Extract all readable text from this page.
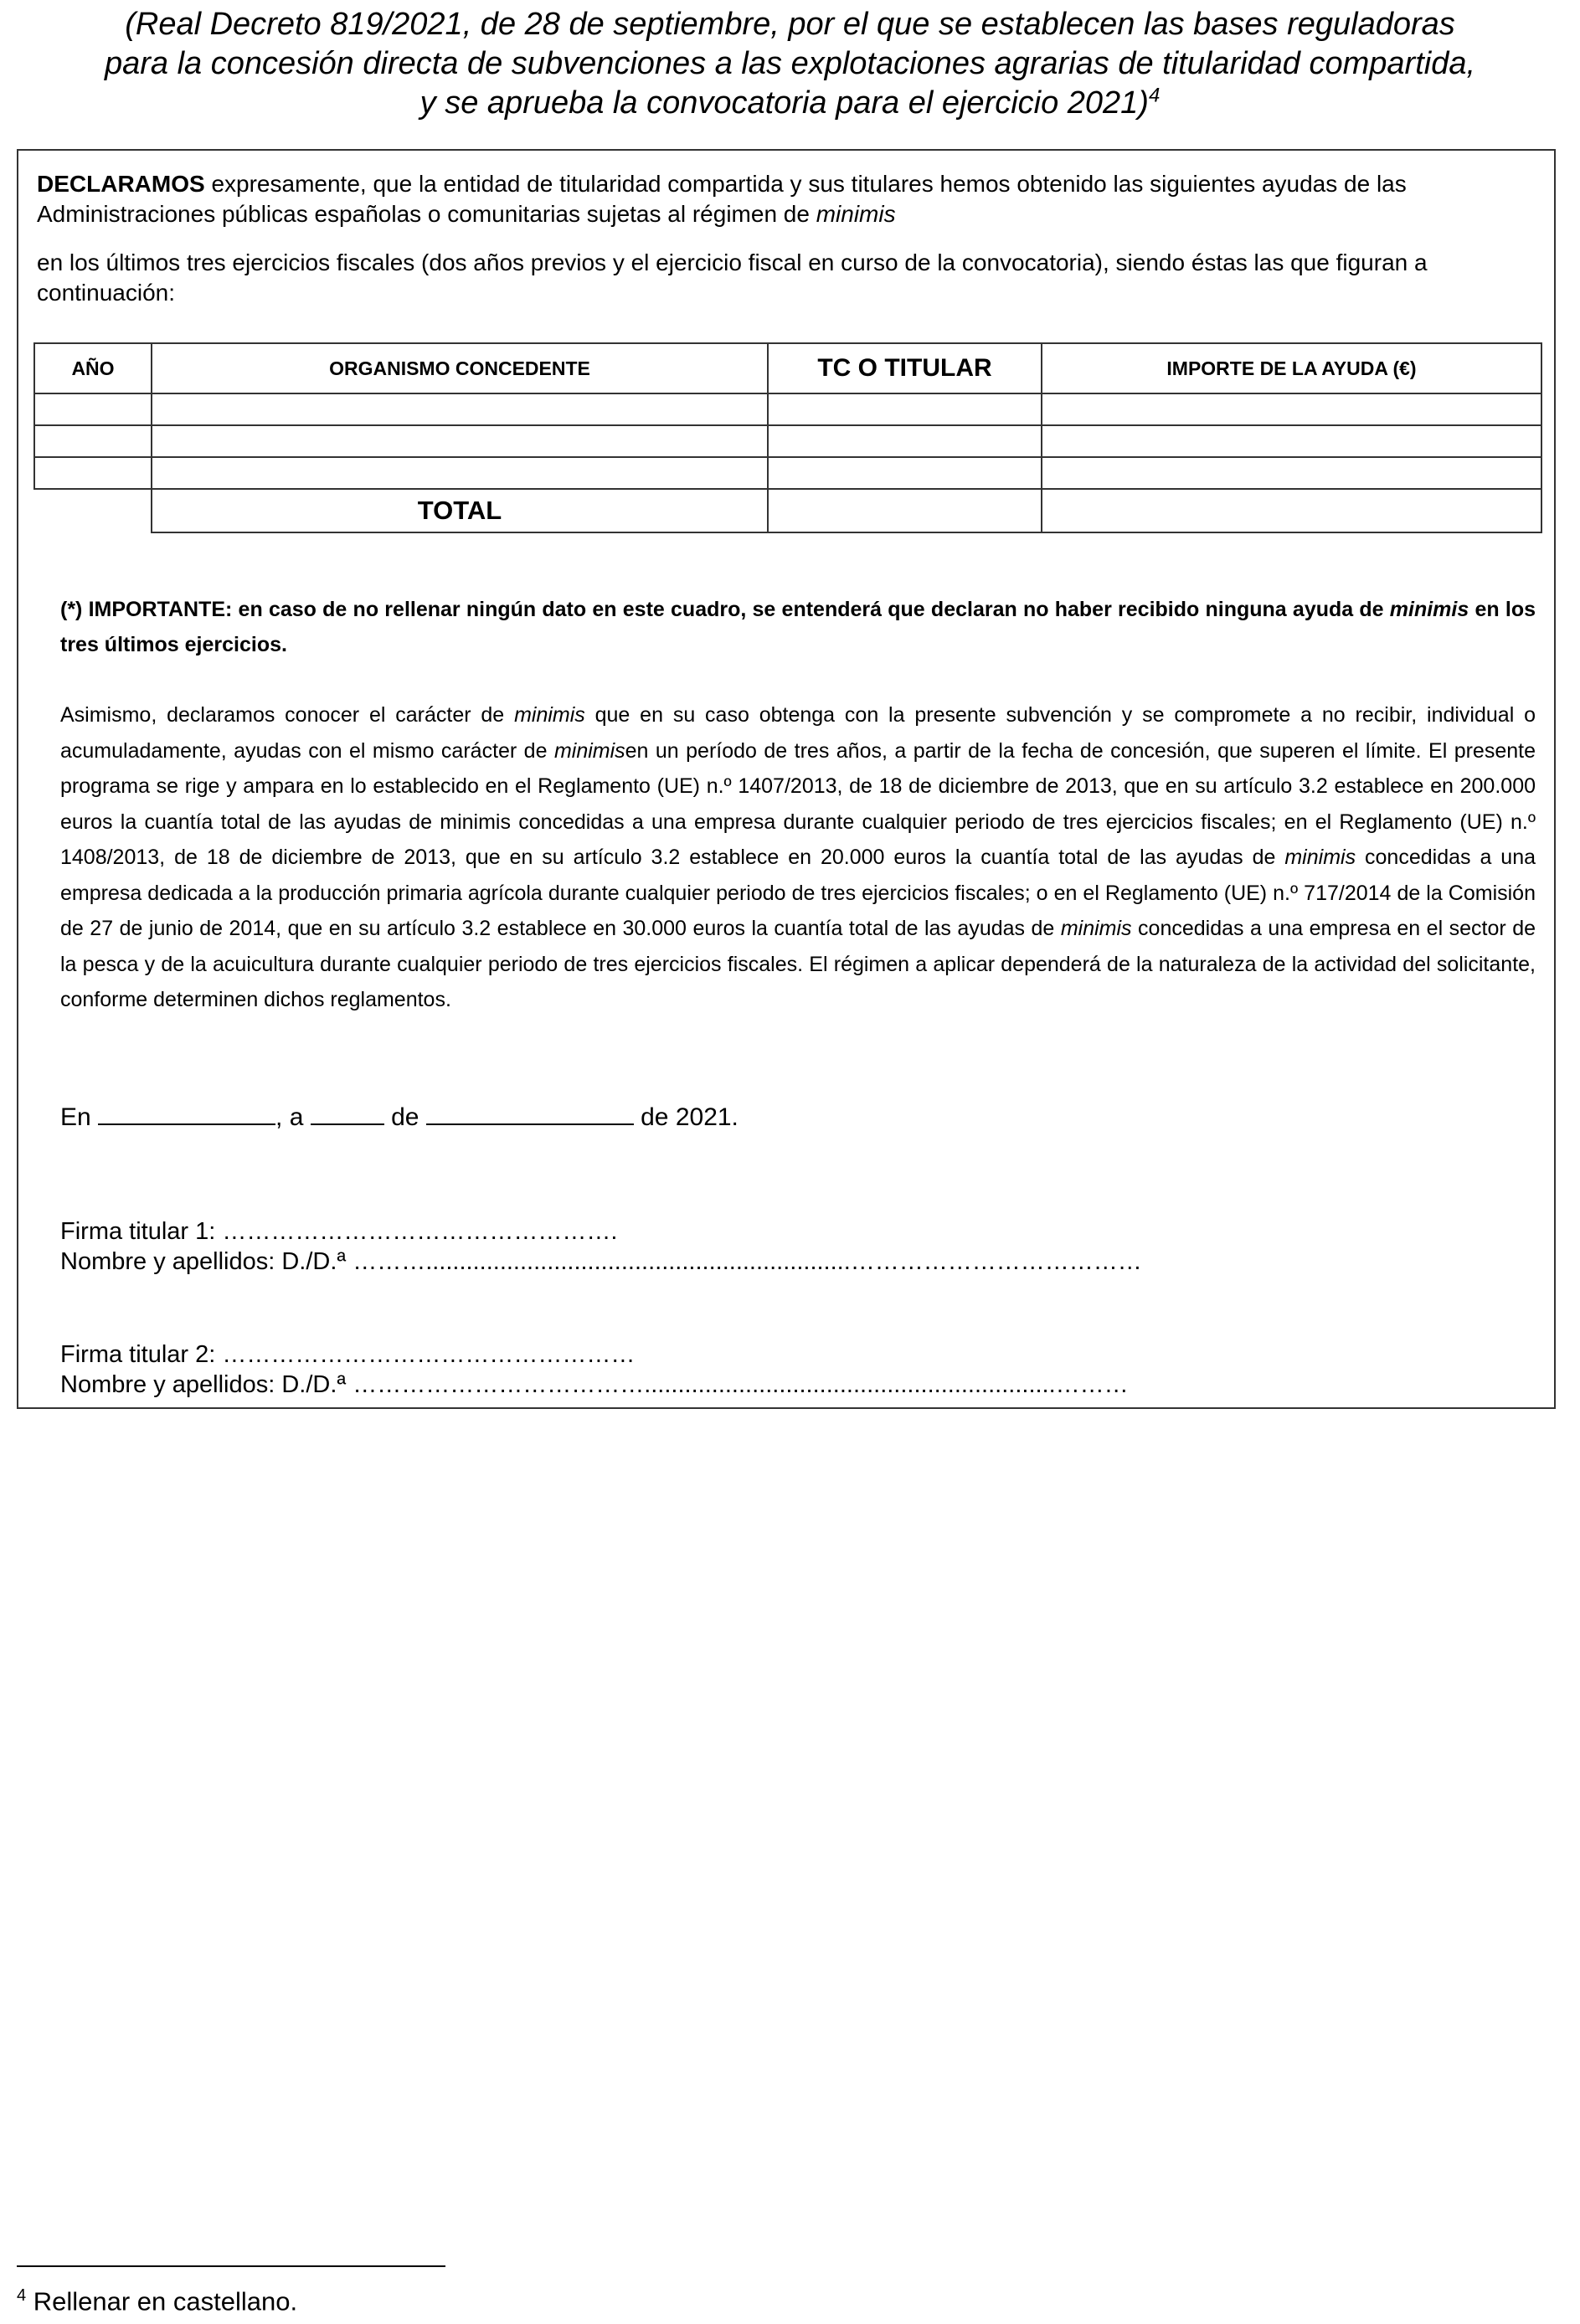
(Real Decreto 819/2021, de 28 de septiembre, por el que se establecen las bases reguladoras
para la concesión directa de subvenciones a las explotaciones agrarias de titularidad compartida,
y se aprueba la convocatoria para el ejercicio 2021)$^4$
DECLARAMOS expresamente, que la entidad de titularidad compartida y sus titulares hemos obtenido las siguientes ayudas de las Administraciones públicas españolas o comunitarias sujetas al régimen de minimis
en los últimos tres ejercicios fiscales (dos años previos y el ejercicio fiscal en curso de la convocatoria), siendo éstas las que figuran a continuación:
AÑO	ORGANISMO CONCEDENTE	TC O TITULAR	IMPORTE DE LA AYUDA (€)

	TOTAL		
(*) IMPORTANTE: en caso de no rellenar ningún dato en este cuadro, se entenderá que declaran no haber recibido ninguna ayuda de minimis en los tres últimos ejercicios.
Asimismo, declaramos conocer el carácter de minimis que en su caso obtenga con la presente subvención y se compromete a no recibir, individual o acumuladamente, ayudas con el mismo carácter de minimisen un período de tres años, a partir de la fecha de concesión, que superen el límite. El presente programa se rige y ampara en lo establecido en el Reglamento (UE) n.º 1407/2013, de 18 de diciembre de 2013, que en su artículo 3.2 establece en 200.000 euros la cuantía total de las ayudas de minimis concedidas a una empresa durante cualquier periodo de tres ejercicios fiscales; en el Reglamento (UE) n.º 1408/2013, de 18 de diciembre de 2013, que en su artículo 3.2 establece en 20.000 euros la cuantía total de las ayudas de minimis concedidas a una empresa dedicada a la producción primaria agrícola durante cualquier periodo de tres ejercicios fiscales; o en el Reglamento (UE) n.º 717/2014 de la Comisión de 27 de junio de 2014, que en su artículo 3.2 establece en 30.000 euros la cuantía total de las ayudas de minimis concedidas a una empresa en el sector de la pesca y de la acuicultura durante cualquier periodo de tres ejercicios fiscales. El régimen a aplicar dependerá de la naturaleza de la actividad del solicitante, conforme determinen dichos reglamentos.
En	, a	de	de 2021.
Firma titular 1: ………………………………………….
Nombre y apellidos: D./D.ª ………...............................................................………………………………
Firma titular 2: ……………………………………………
Nombre y apellidos: D./D.ª ……………………………….............................................................………
$^4$ Rellenar en castellano.
